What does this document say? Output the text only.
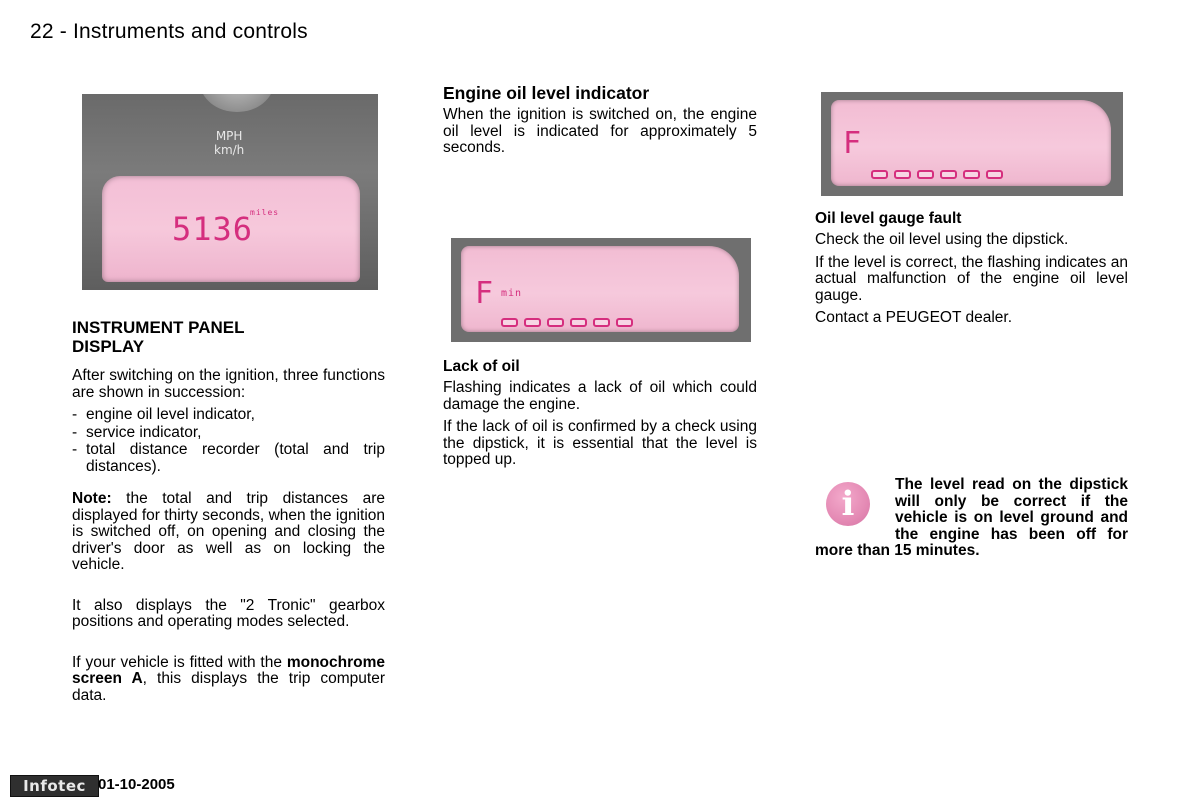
22 - Instruments and controls
MPH
km/h
5136
miles
INSTRUMENT PANEL
DISPLAY

After switching on the ignition, three functions are shown in succession:

- engine oil level indicator,
- service indicator,
- total distance recorder (total and trip distances).

Note: the total and trip distances are displayed for thirty seconds, when the ignition is switched off, on opening and closing the driver's door as well as on locking the vehicle.

It also displays the "2 Tronic" gearbox positions and operating modes selected.

If your vehicle is fitted with the monochrome screen A, this displays the trip computer data.

Engine oil level indicator

When the ignition is switched on, the engine oil level is indicated for approximately 5 seconds.

F min
Lack of oil

Flashing indicates a lack of oil which could damage the engine.

If the lack of oil is confirmed by a check using the dipstick, it is essential that the level is topped up.

F
Oil level gauge fault

Check the oil level using the dipstick.

If the level is correct, the flashing indicates an actual malfunction of the engine oil level gauge.

Contact a PEUGEOT dealer.

The level read on the dipstick will only be correct if the vehicle is on level ground and the engine has been off for more than 15 minutes.
i
Infotec 01-10-2005
